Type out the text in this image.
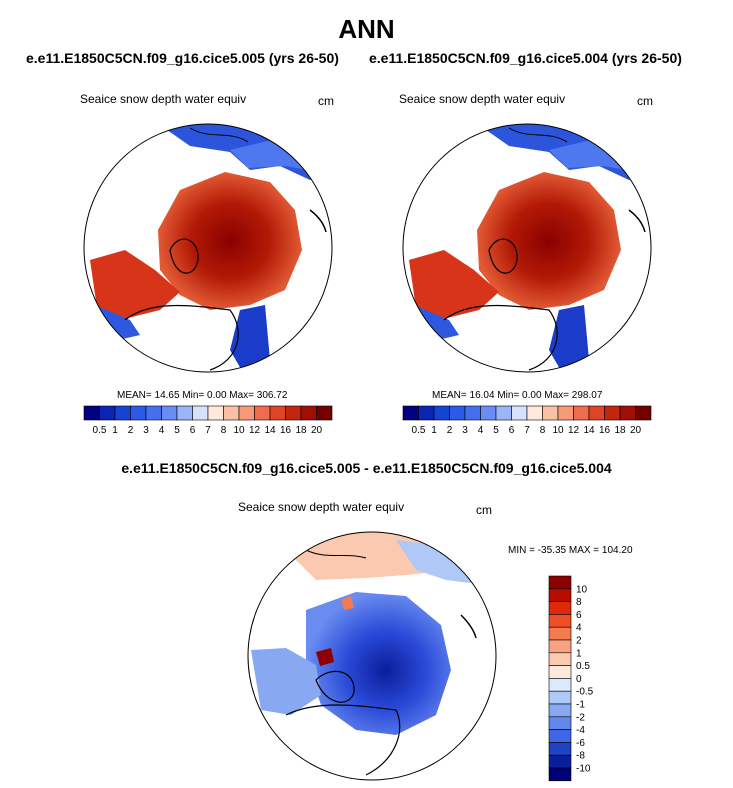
ANN
e.e11.E1850C5CN.f09_g16.cice5.005 (yrs 26-50) e.e11.E1850C5CN.f09_g16.cice5.004 (yrs 26-50)
Seaice snow depth water equiv	cm	Seaice snow depth water equiv	cm
MEAN= 14.65 Min= 0.00 Max= 306.72	MEAN= 16.04 Min= 0.00 Max= 298.07
0.5 1 2 3 4 5 6 7 8 10 12 14 16 18 20	0.5 1 2 3 4 5 6 7 8 10 12 14 16 18 20
e.e11.E1850C5CN.f09_g16.cice5.005 - e.e11.E1850C5CN.f09_g16.cice5.004
Seaice snow depth water equiv	cm
MIN = -35.35 MAX = 104.20
10
8
6
4
2
1
0.5
0
-0.5
-1
-2
-4
-6
-8
-10
